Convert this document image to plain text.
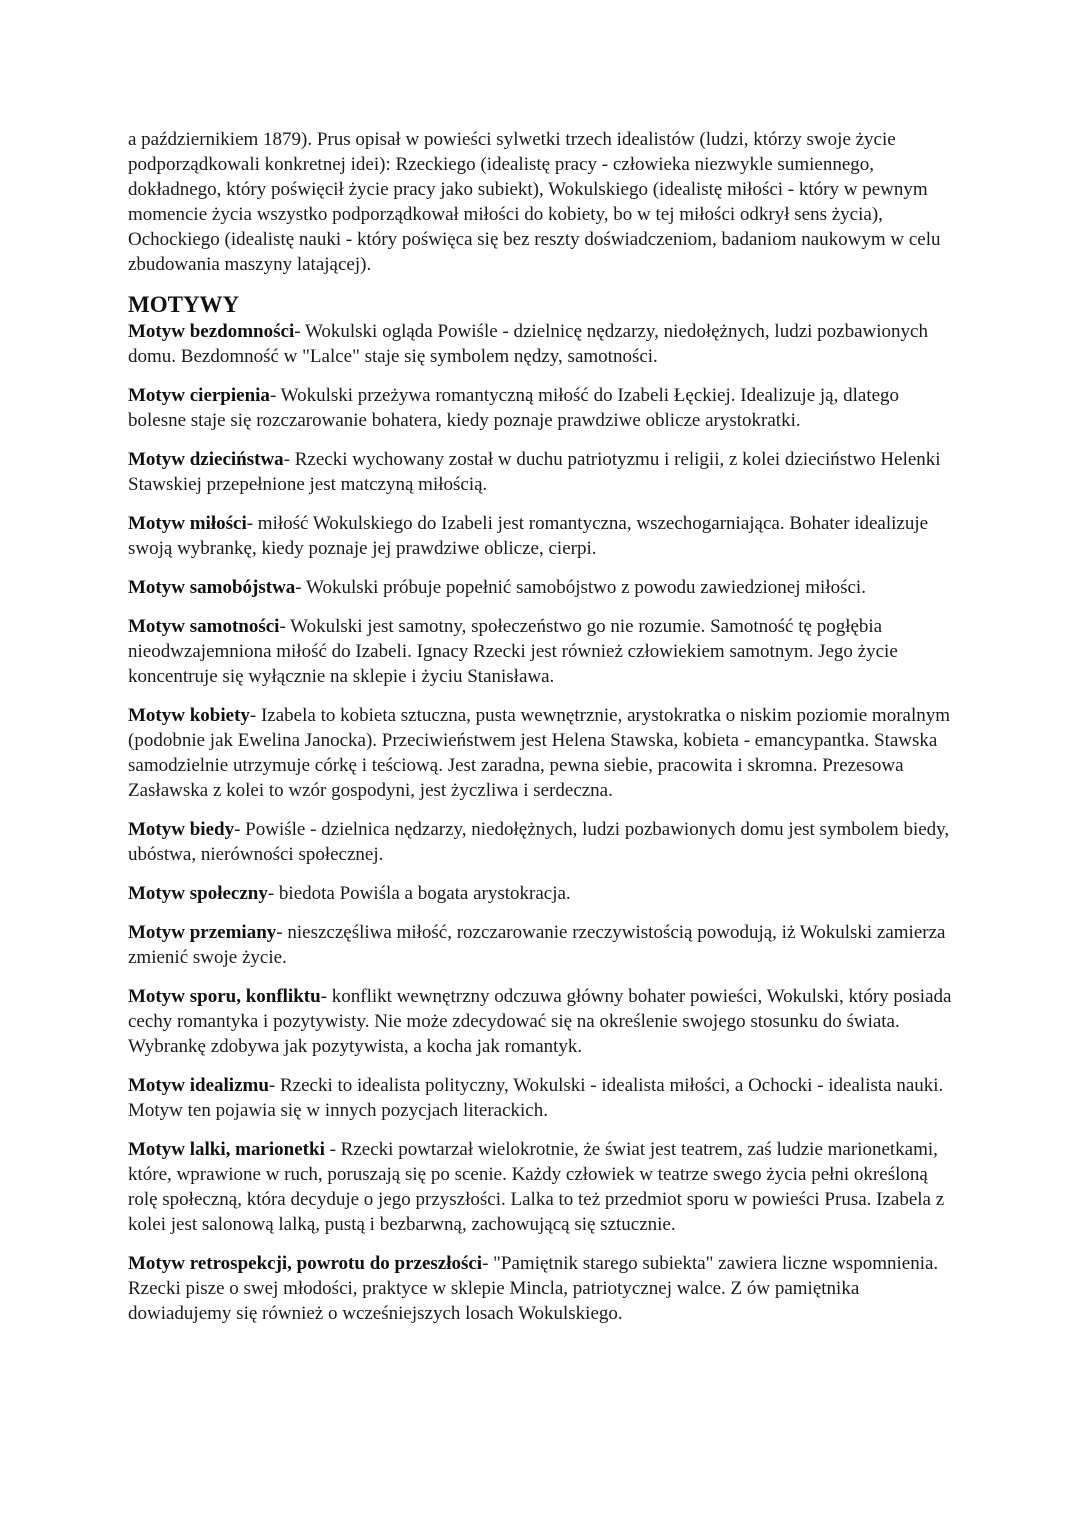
a październikiem 1879). Prus opisał w powieści sylwetki trzech idealistów (ludzi, którzy swoje życie podporządkowali konkretnej idei): Rzeckiego (idealistę pracy - człowieka niezwykle sumiennego, dokładnego, który poświęcił życie pracy jako subiekt), Wokulskiego (idealistę miłości - który w pewnym momencie życia wszystko podporządkował miłości do kobiety, bo w tej miłości odkrył sens życia), Ochockiego (idealistę nauki - który poświęca się bez reszty doświadczeniom, badaniom naukowym w celu zbudowania maszyny latającej).

MOTYWY

Motyw bezdomności- Wokulski ogląda Powiśle - dzielnicę nędzarzy, niedołężnych, ludzi pozbawionych domu. Bezdomność w "Lalce" staje się symbolem nędzy, samotności.

Motyw cierpienia- Wokulski przeżywa romantyczną miłość do Izabeli Łęckiej. Idealizuje ją, dlatego bolesne staje się rozczarowanie bohatera, kiedy poznaje prawdziwe oblicze arystokratki.

Motyw dzieciństwa- Rzecki wychowany został w duchu patriotyzmu i religii, z kolei dzieciństwo Helenki Stawskiej przepełnione jest matczyną miłością.

Motyw miłości- miłość Wokulskiego do Izabeli jest romantyczna, wszechogarniająca. Bohater idealizuje swoją wybrankę, kiedy poznaje jej prawdziwe oblicze, cierpi.

Motyw samobójstwa- Wokulski próbuje popełnić samobójstwo z powodu zawiedzionej miłości.

Motyw samotności- Wokulski jest samotny, społeczeństwo go nie rozumie. Samotność tę pogłębia nieodwzajemniona miłość do Izabeli. Ignacy Rzecki jest również człowiekiem samotnym. Jego życie koncentruje się wyłącznie na sklepie i życiu Stanisława.

Motyw kobiety- Izabela to kobieta sztuczna, pusta wewnętrznie, arystokratka o niskim poziomie moralnym (podobnie jak Ewelina Janocka). Przeciwieństwem jest Helena Stawska, kobieta - emancypantka. Stawska samodzielnie utrzymuje córkę i teściową. Jest zaradna, pewna siebie, pracowita i skromna. Prezesowa Zasławska z kolei to wzór gospodyni, jest życzliwa i serdeczna.

Motyw biedy- Powiśle - dzielnica nędzarzy, niedołężnych, ludzi pozbawionych domu jest symbolem biedy, ubóstwa, nierówności społecznej.

Motyw społeczny- biedota Powiśla a bogata arystokracja.

Motyw przemiany- nieszczęśliwa miłość, rozczarowanie rzeczywistością powodują, iż Wokulski zamierza zmienić swoje życie.

Motyw sporu, konfliktu- konflikt wewnętrzny odczuwa główny bohater powieści, Wokulski, który posiada cechy romantyka i pozytywisty. Nie może zdecydować się na określenie swojego stosunku do świata. Wybrankę zdobywa jak pozytywista, a kocha jak romantyk.

Motyw idealizmu- Rzecki to idealista polityczny, Wokulski - idealista miłości, a Ochocki - idealista nauki. Motyw ten pojawia się w innych pozycjach literackich.

Motyw lalki, marionetki - Rzecki powtarzał wielokrotnie, że świat jest teatrem, zaś ludzie marionetkami, które, wprawione w ruch, poruszają się po scenie. Każdy człowiek w teatrze swego życia pełni określoną rolę społeczną, która decyduje o jego przyszłości. Lalka to też przedmiot sporu w powieści Prusa. Izabela z kolei jest salonową lalką, pustą i bezbarwną, zachowującą się sztucznie.

Motyw retrospekcji, powrotu do przeszłości- "Pamiętnik starego subiekta" zawiera liczne wspomnienia. Rzecki pisze o swej młodości, praktyce w sklepie Mincla, patriotycznej walce. Z ów pamiętnika dowiadujemy się również o wcześniejszych losach Wokulskiego.
